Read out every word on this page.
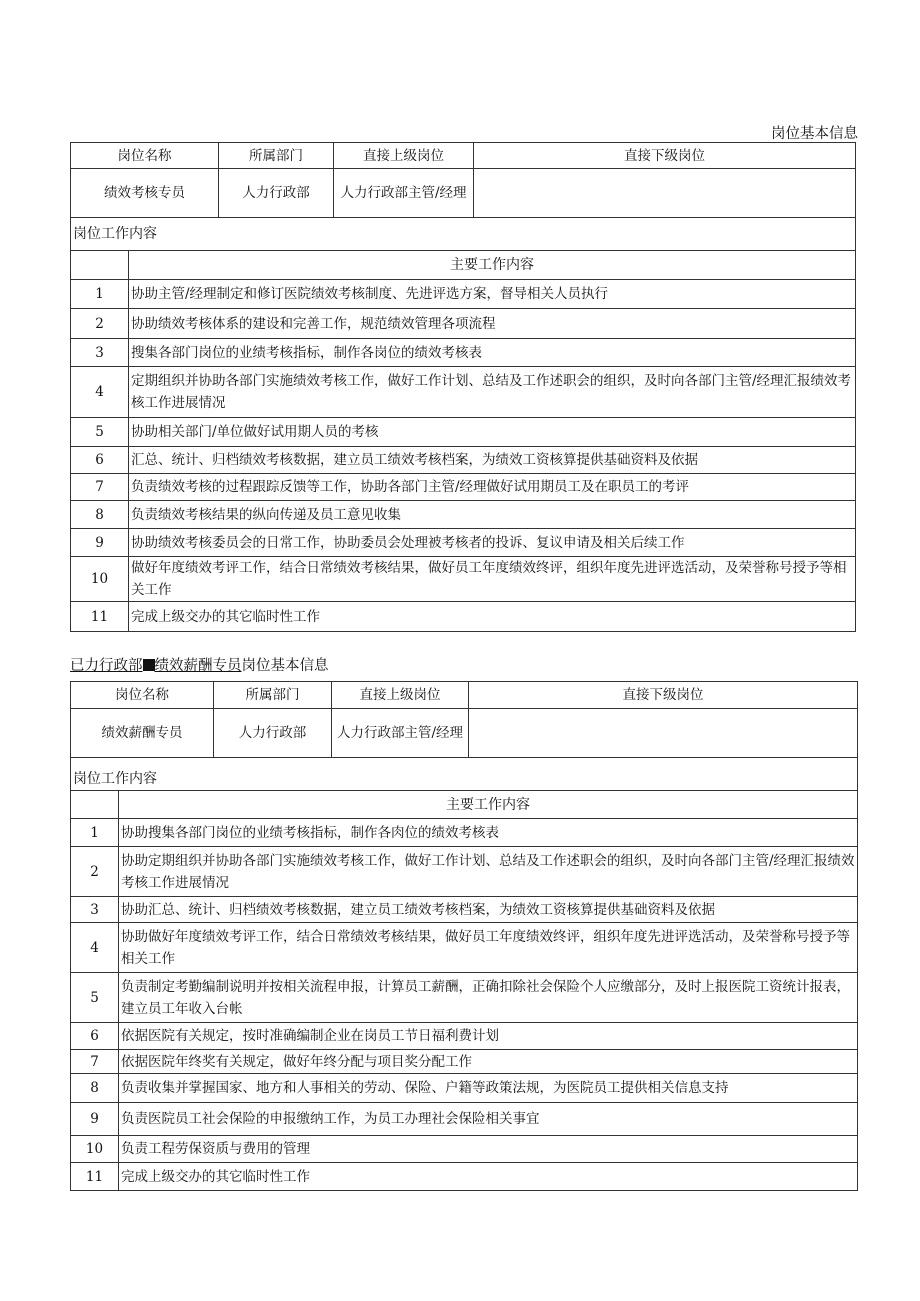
岗位基本信息
岗位名称	所属部门	直接上级岗位	直接下级岗位
绩效考核专员	人力行政部	人力行政部主管/经理	
岗位工作内容			
	主要工作内容
1	协助主管/经理制定和修订医院绩效考核制度、先进评选方案，督导相关人员执行
2	协助绩效考核体系的建设和完善工作，规范绩效管理各项流程
3	搜集各部门岗位的业绩考核指标，制作各岗位的绩效考核表
4	定期组织并协助各部门实施绩效考核工作，做好工作计划、总结及工作述职会的组织，及时向各部门主管/经理汇报绩效考核工作进展情况
5	协助相关部门/单位做好试用期人员的考核
6	汇总、统计、归档绩效考核数据，建立员工绩效考核档案，为绩效工资核算提供基础资料及依据
7	负责绩效考核的过程跟踪反馈等工作，协助各部门主管/经理做好试用期员工及在职员工的考评
8	负责绩效考核结果的纵向传递及员工意见收集
9	协助绩效考核委员会的日常工作，协助委员会处理被考核者的投诉、复议申请及相关后续工作
10	做好年度绩效考评工作，结合日常绩效考核结果，做好员工年度绩效终评，组织年度先进评选活动，及荣誉称号授予等相关工作
11	完成上级交办的其它临时性工作
已力行政部 绩效薪酬专员岗位基本信息
岗位名称	所属部门	直接上级岗位	直接下级岗位
绩效薪酬专员	人力行政部	人力行政部主管/经理	
岗位工作内容			
	主要工作内容
1	协助搜集各部门岗位的业绩考核指标，制作各肉位的绩效考核表
2	协助定期组织并协助各部门实施绩效考核工作，做好工作计划、总结及工作述职会的组织，及时向各部门主管/经理汇报绩效考核工作进展情况
3	协助汇总、统计、归档绩效考核数据，建立员工绩效考核档案，为绩效工资核算提供基础资料及依据
4	协助做好年度绩效考评工作，结合日常绩效考核结果，做好员工年度绩效终评，组织年度先进评选活动，及荣誉称号授予等相关工作
5	负责制定考勤编制说明并按相关流程申报，计算员工薪酬，正确扣除社会保险个人应缴部分，及时上报医院工资统计报表，建立员工年收入台帐
6	依据医院有关规定，按时准确编制企业在岗员工节日福利费计划
7	依据医院年终奖有关规定，做好年终分配与项目奖分配工作
8	负责收集并掌握国家、地方和人事相关的劳动、保险、户籍等政策法规，为医院员工提供相关信息支持
9	负责医院员工社会保险的申报缴纳工作，为员工办理社会保险相关事宜
10	负责工程劳保资质与费用的管理
11	完成上级交办的其它临时性工作
